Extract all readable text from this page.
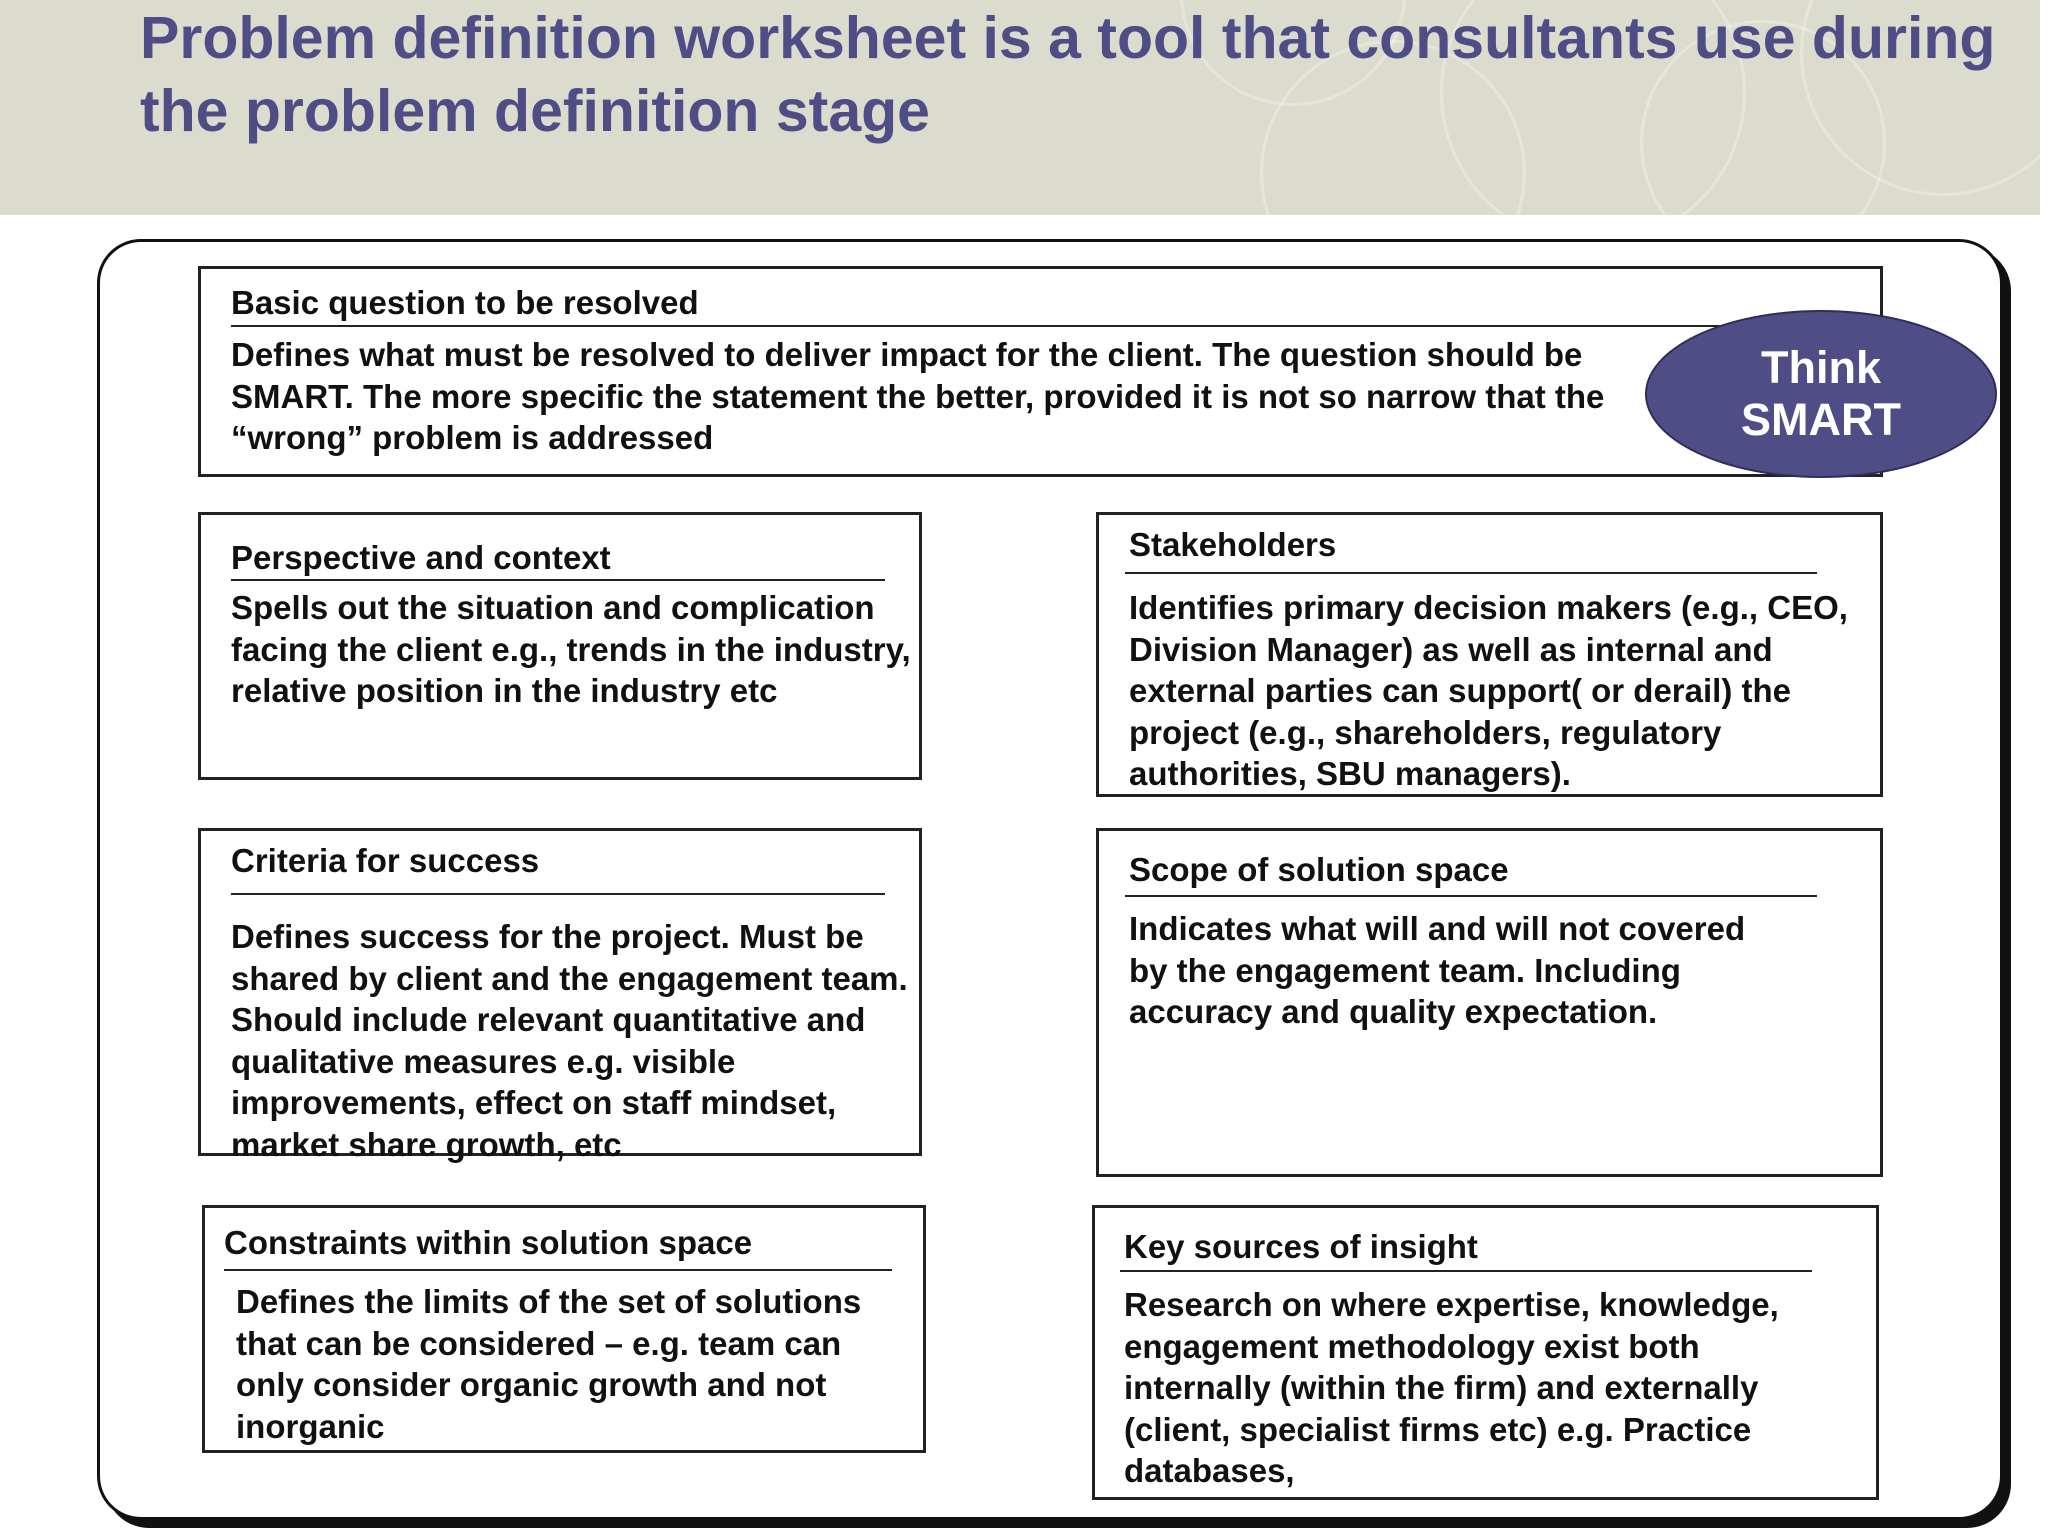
Problem definition worksheet is a tool that consultants use during the problem definition stage
Basic question to be resolved
Defines what must be resolved to deliver impact for the client. The question should be SMART. The more specific the statement the better, provided it is not so narrow that the “wrong” problem is addressed
Think
SMART
Perspective and context
Spells out the situation and complication facing the client e.g., trends in the industry, relative position in the industry etc
Stakeholders
Identifies primary decision makers (e.g., CEO, Division Manager) as well as internal and external parties can support( or derail) the project (e.g., shareholders, regulatory authorities, SBU managers).
Criteria for success
Defines success for the project. Must be shared by client and the engagement team. Should include relevant quantitative and qualitative measures e.g. visible improvements, effect on staff mindset, market share growth, etc
Scope of solution space
Indicates what will and will not covered by the engagement team. Including accuracy and quality expectation.
Constraints within solution space
Defines the limits of the set of solutions that can be considered – e.g. team can only consider organic growth and not inorganic
Key sources of insight
Research on where expertise, knowledge, engagement methodology exist both internally (within the firm) and externally (client, specialist firms etc) e.g. Practice databases,
